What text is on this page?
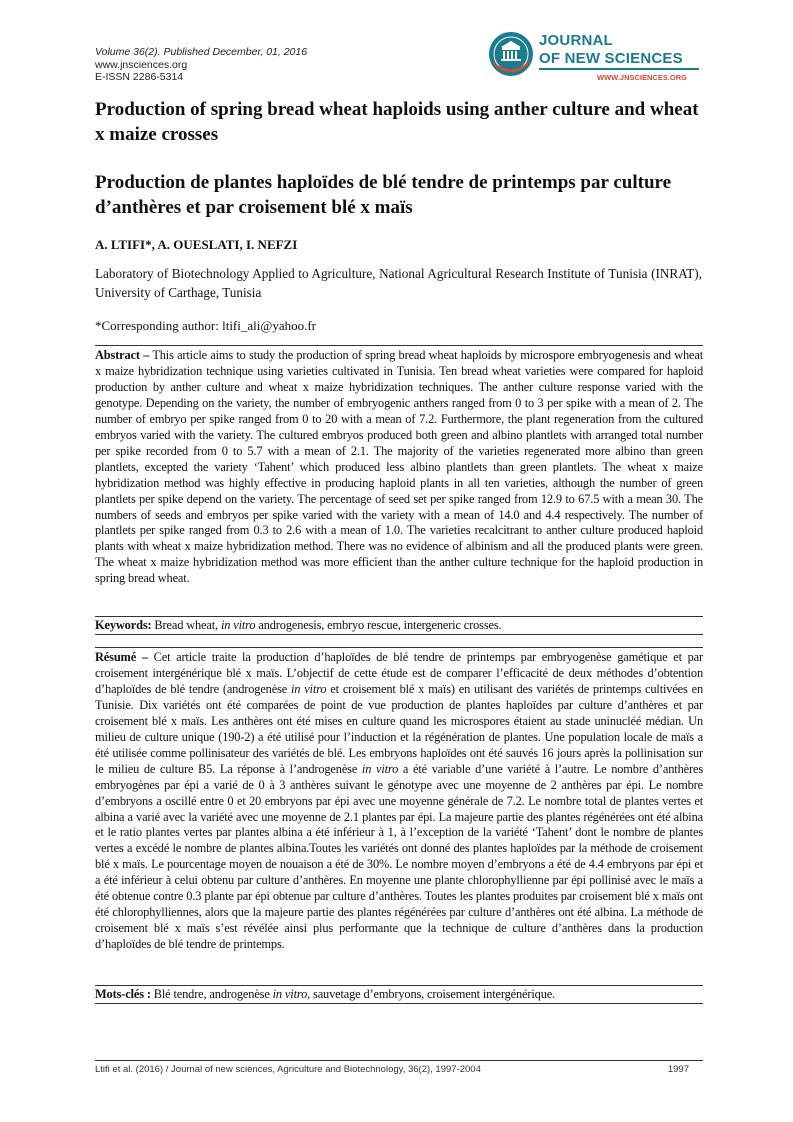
Volume 36(2). Published December, 01, 2016
www.jnsciences.org
E-ISSN 2286-5314
JOURNAL
OF NEW SCIENCES
WWW.JNSCIENCES.ORG
Production of spring bread wheat haploids using anther culture and wheat x maize crosses
Production de plantes haploïdes de blé tendre de printemps par culture d’anthères et par croisement blé x maïs
A. LTIFI*, A. OUESLATI, I. NEFZI
Laboratory of Biotechnology Applied to Agriculture, National Agricultural Research Institute of Tunisia (INRAT), University of Carthage, Tunisia
*Corresponding author: ltifi_ali@yahoo.fr

Abstract – This article aims to study the production of spring bread wheat haploids by microspore embryogenesis and wheat x maize hybridization technique using varieties cultivated in Tunisia. Ten bread wheat varieties were compared for haploid production by anther culture and wheat x maize hybridization techniques. The anther culture response varied with the genotype. Depending on the variety, the number of embryogenic anthers ranged from 0 to 3 per spike with a mean of 2. The number of embryo per spike ranged from 0 to 20 with a mean of 7.2. Furthermore, the plant regeneration from the cultured embryos varied with the variety. The cultured embryos produced both green and albino plantlets with arranged total number per spike recorded from 0 to 5.7 with a mean of 2.1. The majority of the varieties regenerated more albino than green plantlets, excepted the variety ‘Tahent’ which produced less albino plantlets than green plantlets. The wheat x maize hybridization method was highly effective in producing haploid plants in all ten varieties, although the number of green plantlets per spike depend on the variety. The percentage of seed set per spike ranged from 12.9 to 67.5 with a mean 30. The numbers of seeds and embryos per spike varied with the variety with a mean of 14.0 and 4.4 respectively. The number of plantlets per spike ranged from 0.3 to 2.6 with a mean of 1.0. The varieties recalcitrant to anther culture produced haploid plants with wheat x maize hybridization method. There was no evidence of albinism and all the produced plants were green. The wheat x maize hybridization method was more efficient than the anther culture technique for the haploid production in spring bread wheat.

Keywords: Bread wheat, in vitro androgenesis, embryo rescue, intergeneric crosses.

Résumé – Cet article traite la production d’haploïdes de blé tendre de printemps par embryogenèse gamétique et par croisement intergénérique blé x maïs. L’objectif de cette étude est de comparer l’efficacité de deux méthodes d’obtention d’haploïdes de blé tendre (androgenèse in vitro et croisement blé x maïs) en utilisant des variétés de printemps cultivées en Tunisie. Dix variétés ont été comparées de point de vue production de plantes haploïdes par culture d’anthères et par croisement blé x maïs. Les anthères ont été mises en culture quand les microspores étaient au stade uninucléé médian. Un milieu de culture unique (190-2) a été utilisé pour l’induction et la régénération de plantes. Une population locale de maïs a été utilisée comme pollinisateur des variétés de blé. Les embryons haploïdes ont été sauvés 16 jours après la pollinisation sur le milieu de culture B5. La réponse à l’androgenèse in vitro a été variable d’une variété à l’autre. Le nombre d’anthères embryogènes par épi a varié de 0 à 3 anthères suivant le génotype avec une moyenne de 2 anthères par épi. Le nombre d’embryons a oscillé entre 0 et 20 embryons par épi avec une moyenne générale de 7.2. Le nombre total de plantes vertes et albina a varié avec la variété avec une moyenne de 2.1 plantes par épi. La majeure partie des plantes régénérées ont été albina et le ratio plantes vertes par plantes albina a été inférieur à 1, à l’exception de la variété ‘Tahent’ dont le nombre de plantes vertes a excédé le nombre de plantes albina.Toutes les variétés ont donné des plantes haploïdes par la méthode de croisement blé x maïs. Le pourcentage moyen de nouaison a été de 30%. Le nombre moyen d’embryons a été de 4.4 embryons par épi et a été inférieur à celui obtenu par culture d’anthères. En moyenne une plante chlorophyllienne par épi pollinisé avec le maïs a été obtenue contre 0.3 plante par épi obtenue par culture d’anthères. Toutes les plantes produites par croisement blé x maïs ont été chlorophylliennes, alors que la majeure partie des plantes régénérées par culture d’anthères ont été albina. La méthode de croisement blé x maïs s’est révélée ainsi plus performante que la technique de culture d’anthères dans la production d’haploïdes de blé tendre de printemps.

Mots-clés : Blé tendre, androgenèse in vitro, sauvetage d’embryons, croisement intergénérique.
Ltifi et al. (2016) / Journal of new sciences, Agriculture and Biotechnology, 36(2), 1997-2004	1997
